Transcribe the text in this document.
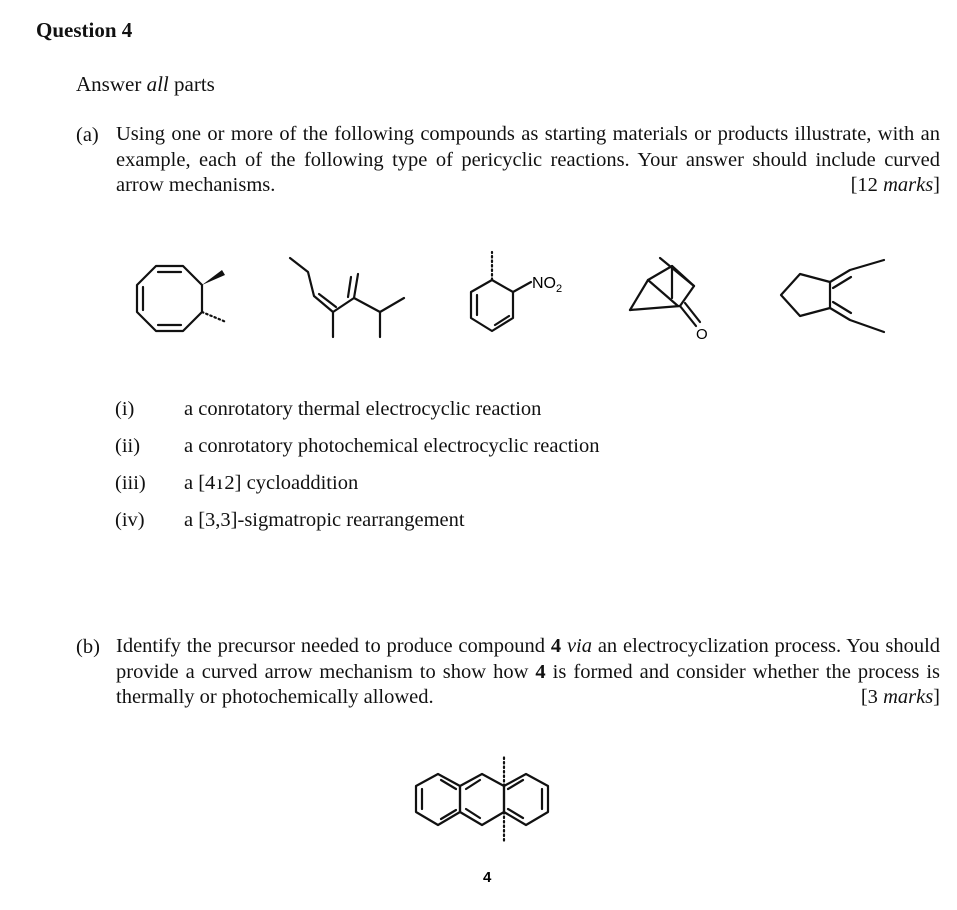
Question 4
Answer all parts
(a) Using one or more of the following compounds as starting materials or products illustrate, with an example, each of the following type of pericyclic reactions. Your answer should include curved arrow mechanisms.	[12 marks]
$NO_2$
O
(i) a conrotatory thermal electrocyclic reaction
(ii) a conrotatory photochemical electrocyclic reaction
(iii) a [4 ı 2] cycloaddition
(iv) a [3,3]-sigmatropic rearrangement
(b) Identify the precursor needed to produce compound 4 via an electrocyclization process. You should provide a curved arrow mechanism to show how 4 is formed and consider whether the process is thermally or photochemically allowed.	[3 marks]
4
